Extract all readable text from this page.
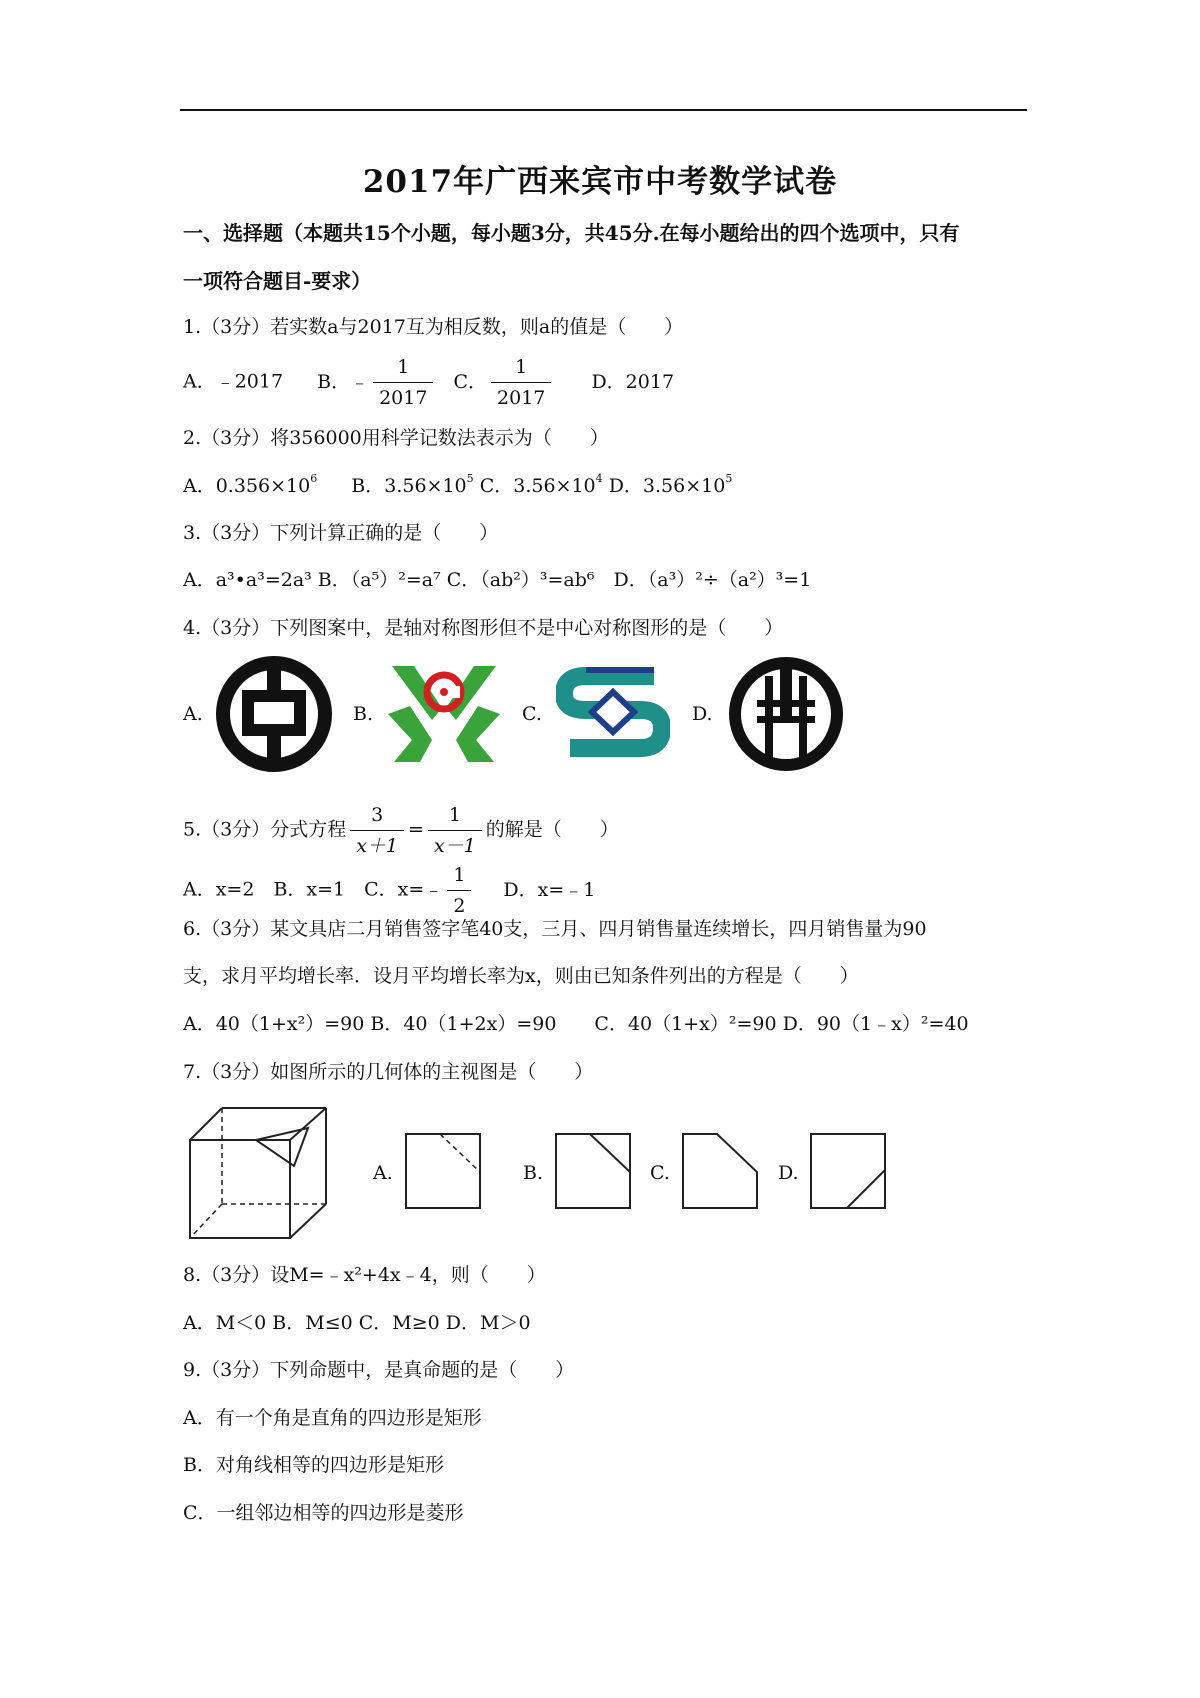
2017年广西来宾市中考数学试卷
一、选择题（本题共15个小题，每小题3分，共45分.在每小题给出的四个选项中，只有
一项符合题目-要求）
1.（3分）若实数a与2017互为相反数，则a的值是（　　）
A．﹣2017 B．﹣ $\frac{1}{2017}$ C． $\frac{1}{2017}$ D．2017
2.（3分）将356000用科学记数法表示为（　　）
A．$0.356\times 10^6$ B．$3.56\times 10^5$ C．$3.56\times 10^4$ D．$3.56\times 10^5$
3.（3分）下列计算正确的是（　　）
A．a³•a³=2a³ B．（a⁵）²=a⁷ C．（ab²）³=ab⁶　D．（a³）²÷（a²）³=1
4.（3分）下列图案中，是轴对称图形但不是中心对称图形的是（　　）
A.	B.	C.	D.
5.（3分）分式方程 $\frac{3}{x+1} = \frac{1}{x-1}$ 的解是（　　）
A．x=2　B．x=1　C．x=﹣ $\frac{1}{2}$ D．x=﹣1
6.（3分）某文具店二月销售签字笔40支，三月、四月销售量连续增长，四月销售量为90
支，求月平均增长率．设月平均增长率为x，则由已知条件列出的方程是（　　）
A．40（1+x²）=90 B．40（1+2x）=90　　C．40（1+x）²=90 D．90（1﹣x）²=40
7.（3分）如图所示的几何体的主视图是（　　）
A.	B.	C.	D.
8.（3分）设M=﹣x²+4x﹣4，则（　　）
A．M＜0 B．M≤0 C．M≥0 D．M＞0
9.（3分）下列命题中，是真命题的是（　　）
A．有一个角是直角的四边形是矩形
B．对角线相等的四边形是矩形
C．一组邻边相等的四边形是菱形
